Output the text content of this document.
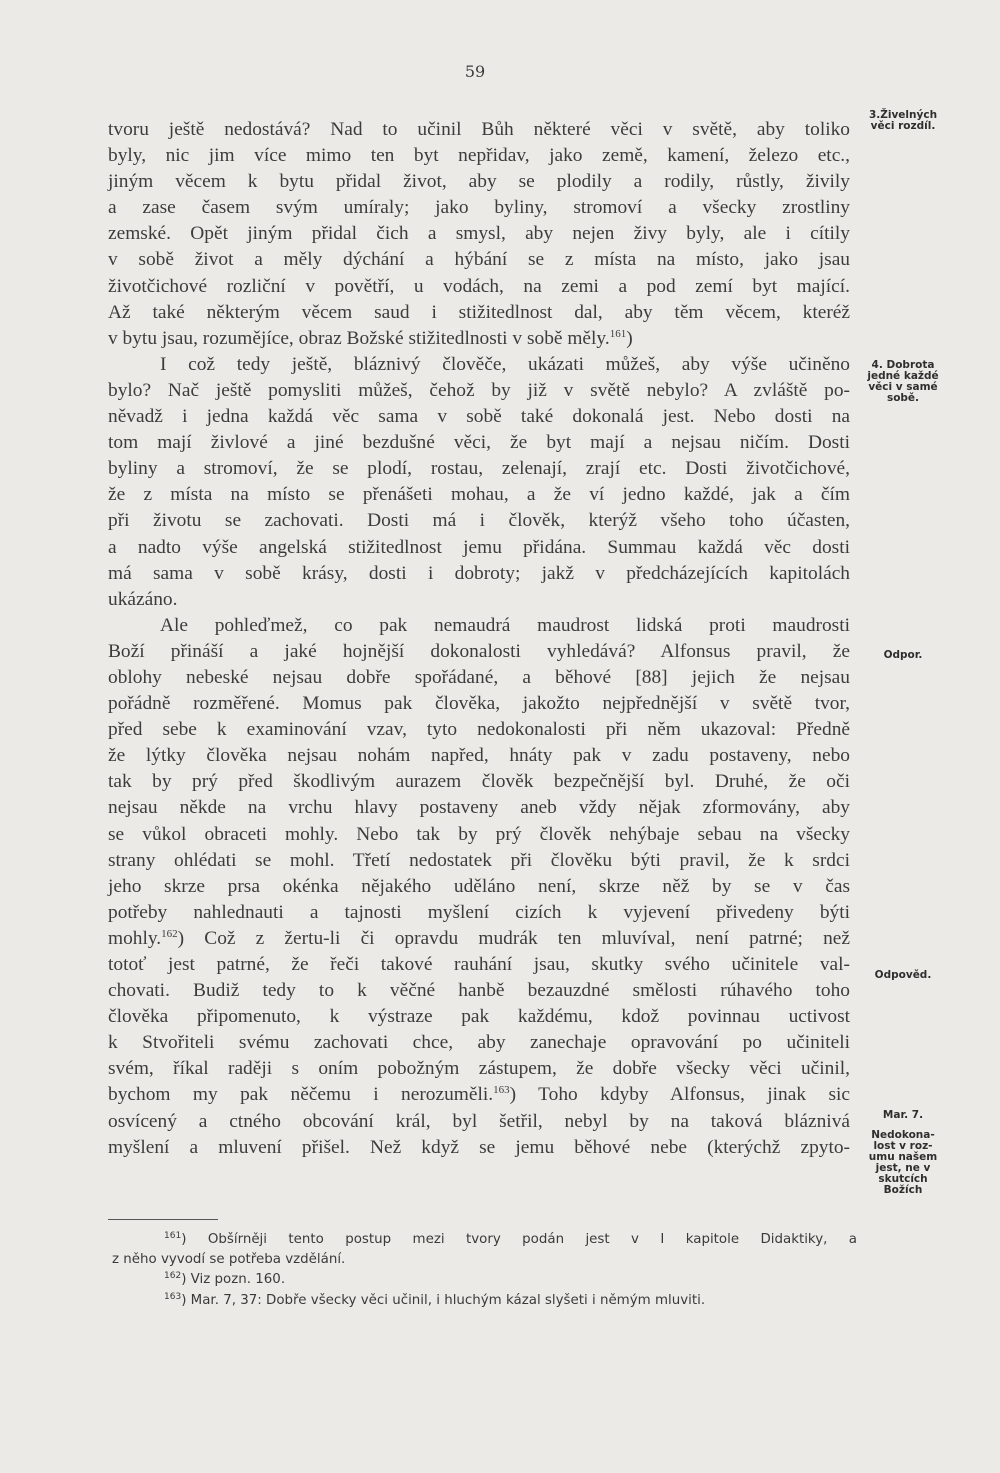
59

tvoru ještě nedostává? Nad to učinil Bůh některé věci v světě, aby toliko

byly, nic jim více mimo ten byt nepřidav, jako země, kamení, železo etc.,

jiným věcem k bytu přidal život, aby se plodily a rodily, růstly, živily

a zase časem svým umíraly; jako byliny, stromoví a všecky zrostliny

zemské. Opět jiným přidal čich a smysl, aby nejen živy byly, ale i cítily

v sobě život a měly dýchání a hýbání se z místa na místo, jako jsau

životčichové rozliční v povětří, u vodách, na zemi a pod zemí byt mající.

Až také některým věcem saud i stižitedlnost dal, aby těm věcem, kteréž

v bytu jsau, rozumějíce, obraz Božské stižitedlnosti v sobě měly.$^{161}$)

I což tedy ještě, bláznivý člověče, ukázati můžeš, aby výše učiněno

bylo? Nač ještě pomysliti můžeš, čehož by již v světě nebylo? A zvláště po-

něvadž i jedna každá věc sama v sobě také dokonalá jest. Nebo dosti na

tom mají živlové a jiné bezdušné věci, že byt mají a nejsau ničím. Dosti

byliny a stromoví, že se plodí, rostau, zelenají, zrají etc. Dosti životčichové,

že z místa na místo se přenášeti mohau, a že ví jedno každé, jak a čím

při životu se zachovati. Dosti má i člověk, kterýž všeho toho účasten,

a nadto výše angelská stižitedlnost jemu přidána. Summau každá věc dosti

má sama v sobě krásy, dosti i dobroty; jakž v předcházejících kapitolách

ukázáno.

Ale pohleďmež, co pak nemaudrá maudrost lidská proti maudrosti

Boží přináší a jaké hojnější dokonalosti vyhledává? Alfonsus pravil, že

oblohy nebeské nejsau dobře spořádané, a běhové [88] jejich že nejsau

pořádně rozměřené. Momus pak člověka, jakožto nejpřednější v světě tvor,

před sebe k examinování vzav, tyto nedokonalosti při něm ukazoval: Předně

že lýtky člověka nejsau nohám napřed, hnáty pak v zadu postaveny, nebo

tak by prý před škodlivým aurazem člověk bezpečnější byl. Druhé, že oči

nejsau někde na vrchu hlavy postaveny aneb vždy nějak zformovány, aby

se vůkol obraceti mohly. Nebo tak by prý člověk nehýbaje sebau na všecky

strany ohlédati se mohl. Třetí nedostatek při člověku býti pravil, že k srdci

jeho skrze prsa okénka nějakého uděláno není, skrze něž by se v čas

potřeby nahlednauti a tajnosti myšlení cizích k vyjevení přivedeny býti

mohly.$^{162}$) Což z žertu-li či opravdu mudrák ten mluvíval, není patrné; než

totoť jest patrné, že řeči takové rauhání jsau, skutky svého učinitele val-

chovati. Budiž tedy to k věčné hanbě bezauzdné smělosti rúhavého toho

člověka připomenuto, k výstraze pak každému, kdož povinnau uctivost

k Stvořiteli svému zachovati chce, aby zanechaje opravování po učiniteli

svém, říkal raději s oním pobožným zástupem, že dobře všecky věci učinil,

bychom my pak něčemu i nerozuměli.$^{163}$) Toho kdyby Alfonsus, jinak sic

osvícený a ctného obcování král, byl šetřil, nebyl by na taková bláznivá

myšlení a mluvení přišel. Než když se jemu běhové nebe (kterýchž zpyto-

3.Živelných věci rozdíl.
4. Dobrota jedné každé věci v samé sobě.
Odpor.
Odpověd.
Mar. 7.
Nedokona- lost v roz- umu našem jest, ne v skutcích Božích

$^{161}$) Obšírněji tento postup mezi tvory podán jest v I kapitole Didaktiky, a

z něho vyvodí se potřeba vzdělání.

$^{162}$) Viz pozn. 160.

$^{163}$) Mar. 7, 37: Dobře všecky věci učinil, i hluchým kázal slyšeti i němým mluviti.
